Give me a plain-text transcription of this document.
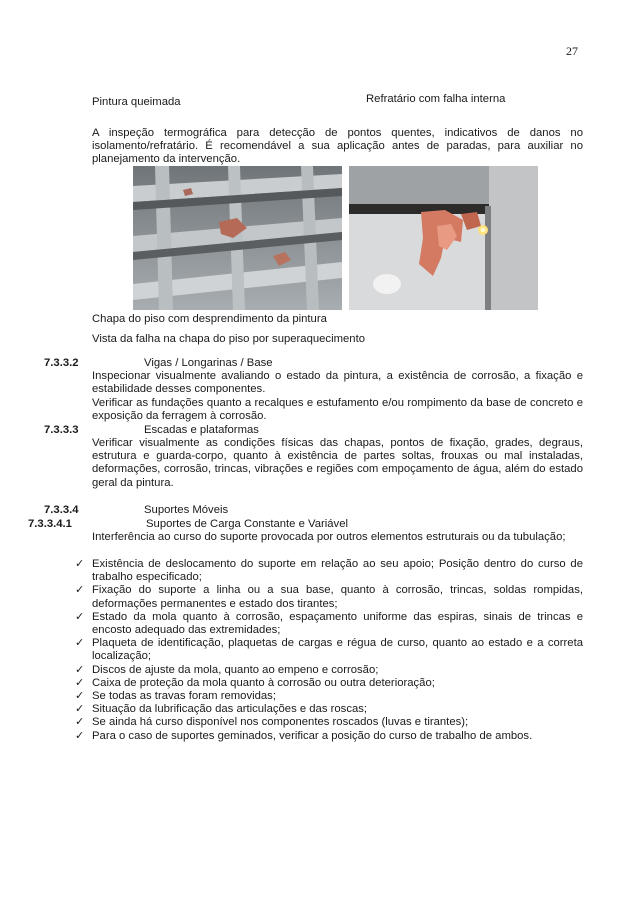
27
Pintura queimada	Refratário com falha interna
A inspeção termográfica para detecção de pontos quentes, indicativos de danos no isolamento/refratário. É recomendável a sua aplicação antes de paradas, para auxiliar no planejamento da intervenção.
Chapa do piso com desprendimento da pintura
Vista da falha na chapa do piso por superaquecimento
7.3.3.2	Vigas / Longarinas / Base
Inspecionar visualmente avaliando o estado da pintura, a existência de corrosão, a fixação e estabilidade desses componentes.
Verificar as fundações quanto a recalques e estufamento e/ou rompimento da base de concreto e exposição da ferragem à corrosão.
7.3.3.3	Escadas e plataformas
Verificar visualmente as condições físicas das chapas, pontos de fixação, grades, degraus, estrutura e guarda-corpo, quanto à existência de partes soltas, frouxas ou mal instaladas, deformações, corrosão, trincas, vibrações e regiões com empoçamento de água, além do estado geral da pintura.
7.3.3.4	Suportes Móveis
7.3.3.4.1	Suportes de Carga Constante e Variável
Interferência ao curso do suporte provocada por outros elementos estruturais ou da tubulação;
✓ Existência de deslocamento do suporte em relação ao seu apoio; Posição dentro do curso de trabalho especificado;
✓ Fixação do suporte a linha ou a sua base, quanto à corrosão, trincas, soldas rompidas, deformações permanentes e estado dos tirantes;
✓ Estado da mola quanto à corrosão, espaçamento uniforme das espiras, sinais de trincas e encosto adequado das extremidades;
✓ Plaqueta de identificação, plaquetas de cargas e régua de curso, quanto ao estado e a correta localização;
✓ Discos de ajuste da mola, quanto ao empeno e corrosão;
✓ Caixa de proteção da mola quanto à corrosão ou outra deterioração;
✓ Se todas as travas foram removidas;
✓ Situação da lubrificação das articulações e das roscas;
✓ Se ainda há curso disponível nos componentes roscados (luvas e tirantes);
✓ Para o caso de suportes geminados, verificar a posição do curso de trabalho de ambos.
